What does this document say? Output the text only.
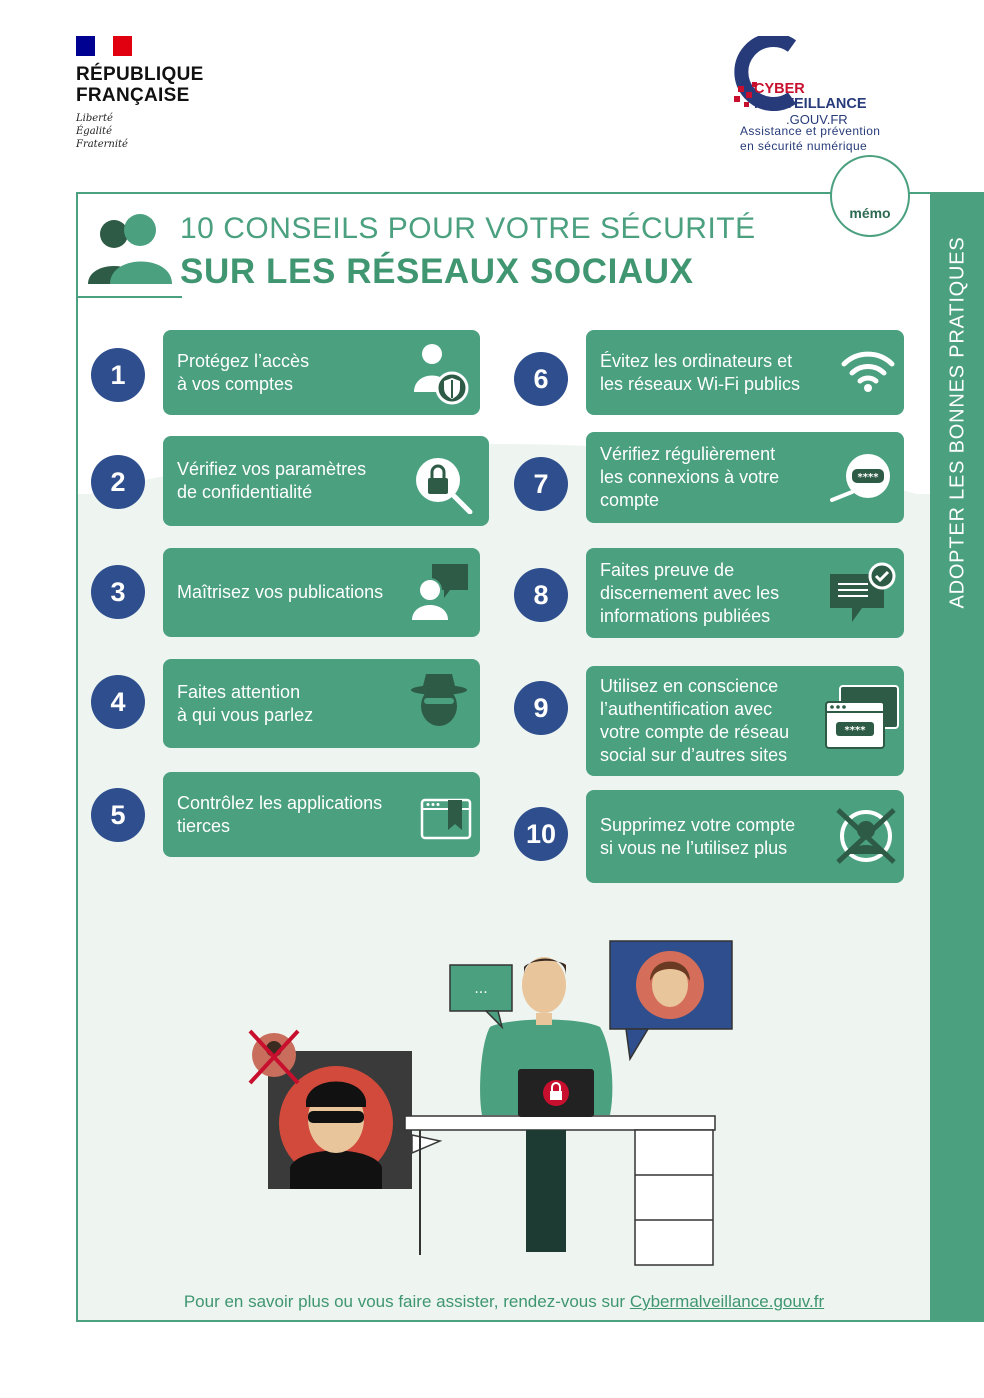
RÉPUBLIQUE
FRANÇAISE
Liberté
Égalité
Fraternité
CYBER
MALVEILLANCE
.GOUV.FR
Assistance et prévention
en sécurité numérique
ADOPTER LES BONNES PRATIQUES
mémo
10 CONSEILS POUR VOTRE SÉCURITÉ
SUR LES RÉSEAUX SOCIAUX
1	Protégez l’accès
à vos comptes
2	Vérifiez vos paramètres
de confidentialité
3	Maîtrisez vos publications
4	Faites attention
à qui vous parlez
5	Contrôlez les applications
tierces
6
Évitez les ordinateurs et
les réseaux Wi-Fi publics
7
Vérifiez régulièrement
les connexions à votre
compte
****
8
Faites preuve de
discernement avec les
informations publiées
9
Utilisez en conscience
l’authentification avec
votre compte de réseau
social sur d’autres sites
****
10	Supprimez votre compte
si vous ne l’utilisez plus
...
Pour en savoir plus ou vous faire assister, rendez-vous sur Cybermalveillance.gouv.fr
